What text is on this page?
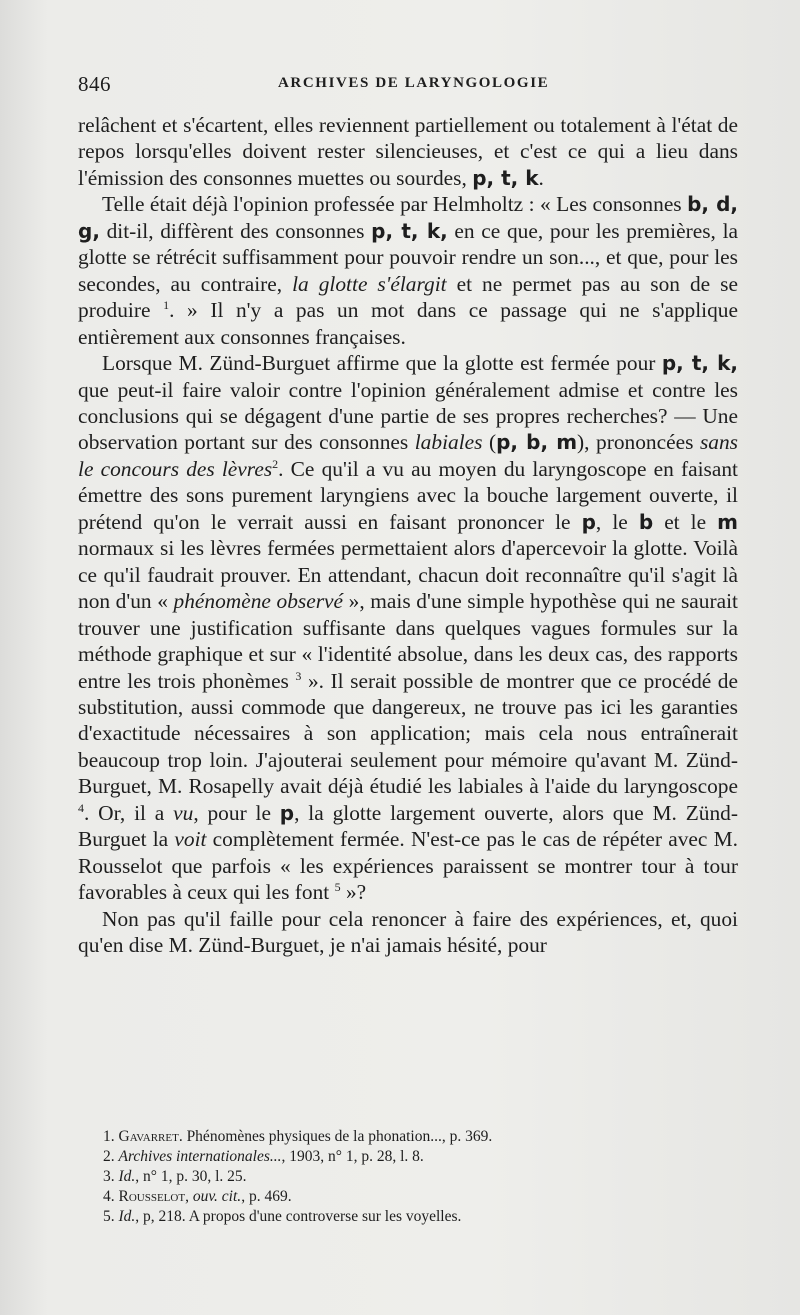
846	ARCHIVES DE LARYNGOLOGIE

relâchent et s'écartent, elles reviennent partiellement ou totalement à l'état de repos lorsqu'elles doivent rester silencieuses, et c'est ce qui a lieu dans l'émission des consonnes muettes ou sourdes, p, t, k.

Telle était déjà l'opinion professée par Helmholtz : « Les consonnes b, d, g, dit-il, diffèrent des consonnes p, t, k, en ce que, pour les premières, la glotte se rétrécit suffisamment pour pouvoir rendre un son..., et que, pour les secondes, au contraire, la glotte s'élargit et ne permet pas au son de se produire $^1$. » Il n'y a pas un mot dans ce passage qui ne s'applique entièrement aux consonnes françaises.

Lorsque M. Zünd-Burguet affirme que la glotte est fermée pour p, t, k, que peut-il faire valoir contre l'opinion généralement admise et contre les conclusions qui se dégagent d'une partie de ses propres recherches? — Une observation portant sur des consonnes labiales (p, b, m), prononcées sans le concours des lèvres$^2$. Ce qu'il a vu au moyen du laryngoscope en faisant émettre des sons purement laryngiens avec la bouche largement ouverte, il prétend qu'on le verrait aussi en faisant prononcer le p, le b et le m normaux si les lèvres fermées permettaient alors d'apercevoir la glotte. Voilà ce qu'il faudrait prouver. En attendant, chacun doit reconnaître qu'il s'agit là non d'un « phénomène observé », mais d'une simple hypothèse qui ne saurait trouver une justification suffisante dans quelques vagues formules sur la méthode graphique et sur « l'identité absolue, dans les deux cas, des rapports entre les trois phonèmes $^3$ ». Il serait possible de montrer que ce procédé de substitution, aussi commode que dangereux, ne trouve pas ici les garanties d'exactitude nécessaires à son application; mais cela nous entraînerait beaucoup trop loin. J'ajouterai seulement pour mémoire qu'avant M. Zünd-Burguet, M. Rosapelly avait déjà étudié les labiales à l'aide du laryngoscope $^4$. Or, il a vu, pour le p, la glotte largement ouverte, alors que M. Zünd-Burguet la voit complètement fermée. N'est-ce pas le cas de répéter avec M. Rousselot que parfois « les expériences paraissent se montrer tour à tour favorables à ceux qui les font $^5$ »?

Non pas qu'il faille pour cela renoncer à faire des expériences, et, quoi qu'en dise M. Zünd-Burguet, je n'ai jamais hésité, pour

1. Gavarret. Phénomènes physiques de la phonation..., p. 369.
2. Archives internationales..., 1903, n° 1, p. 28, l. 8.
3. Id., n° 1, p. 30, l. 25.
4. Rousselot, ouv. cit., p. 469.
5. Id., p, 218. A propos d'une controverse sur les voyelles.
